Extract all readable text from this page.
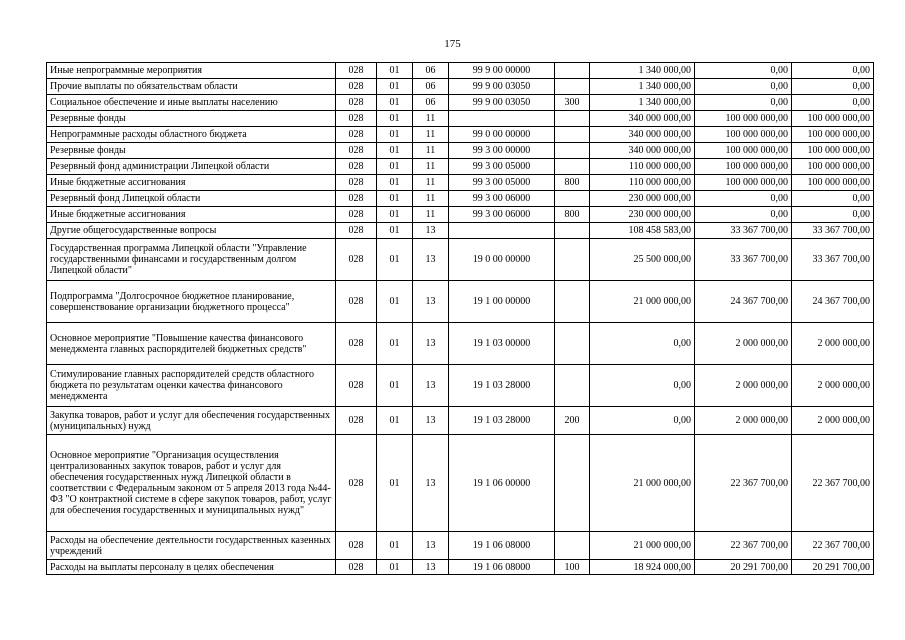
175
Иные непрограммные мероприятия	028	01	06	99 9 00 00000		1 340 000,00	0,00	0,00
Прочие выплаты по обязательствам области	028	01	06	99 9 00 03050		1 340 000,00	0,00	0,00
Социальное обеспечение и иные выплаты населению	028	01	06	99 9 00 03050	300	1 340 000,00	0,00	0,00
Резервные фонды	028	01	11			340 000 000,00	100 000 000,00	100 000 000,00
Непрограммные расходы областного бюджета	028	01	11	99 0 00 00000		340 000 000,00	100 000 000,00	100 000 000,00
Резервные фонды	028	01	11	99 3 00 00000		340 000 000,00	100 000 000,00	100 000 000,00
Резервный фонд администрации Липецкой области	028	01	11	99 3 00 05000		110 000 000,00	100 000 000,00	100 000 000,00
Иные бюджетные ассигнования	028	01	11	99 3 00 05000	800	110 000 000,00	100 000 000,00	100 000 000,00
Резервный фонд Липецкой области	028	01	11	99 3 00 06000		230 000 000,00	0,00	0,00
Иные бюджетные ассигнования	028	01	11	99 3 00 06000	800	230 000 000,00	0,00	0,00
Другие общегосударственные вопросы	028	01	13			108 458 583,00	33 367 700,00	33 367 700,00
Государственная программа Липецкой области "Управление государственными финансами и государственным долгом Липецкой области"	028	01	13	19 0 00 00000		25 500 000,00	33 367 700,00	33 367 700,00
Подпрограмма "Долгосрочное бюджетное планирование, совершенствование организации бюджетного процесса"	028	01	13	19 1 00 00000		21 000 000,00	24 367 700,00	24 367 700,00
Основное мероприятие "Повышение качества финансового менеджмента главных распорядителей бюджетных средств"	028	01	13	19 1 03 00000		0,00	2 000 000,00	2 000 000,00
Стимулирование главных распорядителей средств областного бюджета по результатам оценки качества финансового менеджмента	028	01	13	19 1 03 28000		0,00	2 000 000,00	2 000 000,00
Закупка товаров, работ и услуг для обеспечения государственных (муниципальных) нужд	028	01	13	19 1 03 28000	200	0,00	2 000 000,00	2 000 000,00
Основное мероприятие "Организация осуществления централизованных закупок товаров, работ и услуг для обеспечения государственных нужд Липецкой области в соответствии с Федеральным законом от 5 апреля 2013 года №44-ФЗ "О контрактной системе в сфере закупок товаров, работ, услуг для обеспечения государственных и муниципальных нужд"	028	01	13	19 1 06 00000		21 000 000,00	22 367 700,00	22 367 700,00
Расходы на обеспечение деятельности государственных казенных учреждений	028	01	13	19 1 06 08000		21 000 000,00	22 367 700,00	22 367 700,00
Расходы на выплаты персоналу в целях обеспечения	028	01	13	19 1 06 08000	100	18 924 000,00	20 291 700,00	20 291 700,00
